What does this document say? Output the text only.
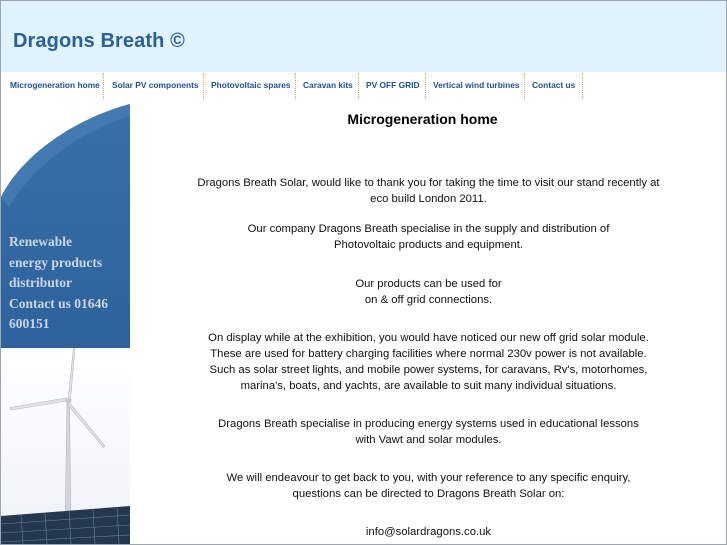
Dragons Breath ©
Microgeneration home Solar PV components Photovoltaic spares Caravan kits PV OFF GRID Vertical wind turbines Contact us
Renewable
energy products
distributor
Contact us 01646
600151
Microgeneration home
Dragons Breath Solar, would like to thank you for taking the time to visit our stand recently at
eco build London 2011.
Our company Dragons Breath specialise in the supply and distribution of
Photovoltaic products and equipment.
Our products can be used for
on & off grid connections.
On display while at the exhibition, you would have noticed our new off grid solar module.
These are used for battery charging facilities where normal 230v power is not available.
Such as solar street lights, and mobile power systems, for caravans, Rv's, motorhomes,
marina's, boats, and yachts, are available to suit many individual situations.
Dragons Breath specialise in producing energy systems used in educational lessons
with Vawt and solar modules.
We will endeavour to get back to you, with your reference to any specific enquiry,
questions can be directed to Dragons Breath Solar on:
info@solardragons.co.uk
